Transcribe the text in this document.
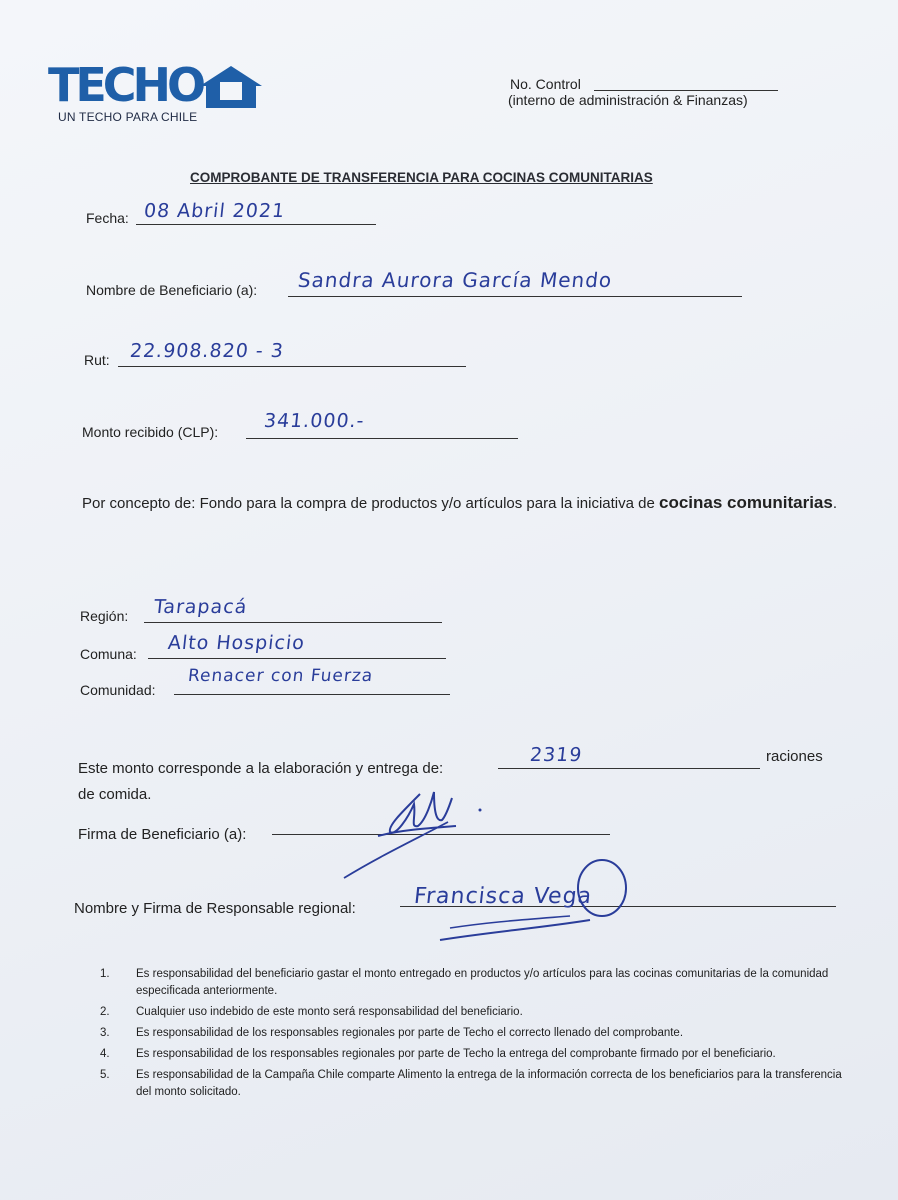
TECHO
UN TECHO PARA CHILE
No. Control
(interno de administración & Finanzas)
COMPROBANTE DE TRANSFERENCIA PARA COCINAS COMUNITARIAS
Fecha: 08 Abril 2021
Nombre de Beneficiario (a): Sandra Aurora García Mendo
Rut: 22.908.820 - 3
Monto recibido (CLP): 341.000.-
Por concepto de: Fondo para la compra de productos y/o artículos para la iniciativa de cocinas comunitarias.
Región: Tarapacá
Comuna: Alto Hospicio
Comunidad:
Renacer con Fuerza
Este monto corresponde a la elaboración y entrega de:
2319	raciones
de comida.
Firma de Beneficiario (a):
Nombre y Firma de Responsable regional:	Francisca Vega
1. Es responsabilidad del beneficiario gastar el monto entregado en productos y/o artículos para las cocinas comunitarias de la comunidad especificada anteriormente.
2. Cualquier uso indebido de este monto será responsabilidad del beneficiario.
3. Es responsabilidad de los responsables regionales por parte de Techo el correcto llenado del comprobante.
4. Es responsabilidad de los responsables regionales por parte de Techo la entrega del comprobante firmado por el beneficiario.
5. Es responsabilidad de la Campaña Chile comparte Alimento la entrega de la información correcta de los beneficiarios para la transferencia del monto solicitado.
